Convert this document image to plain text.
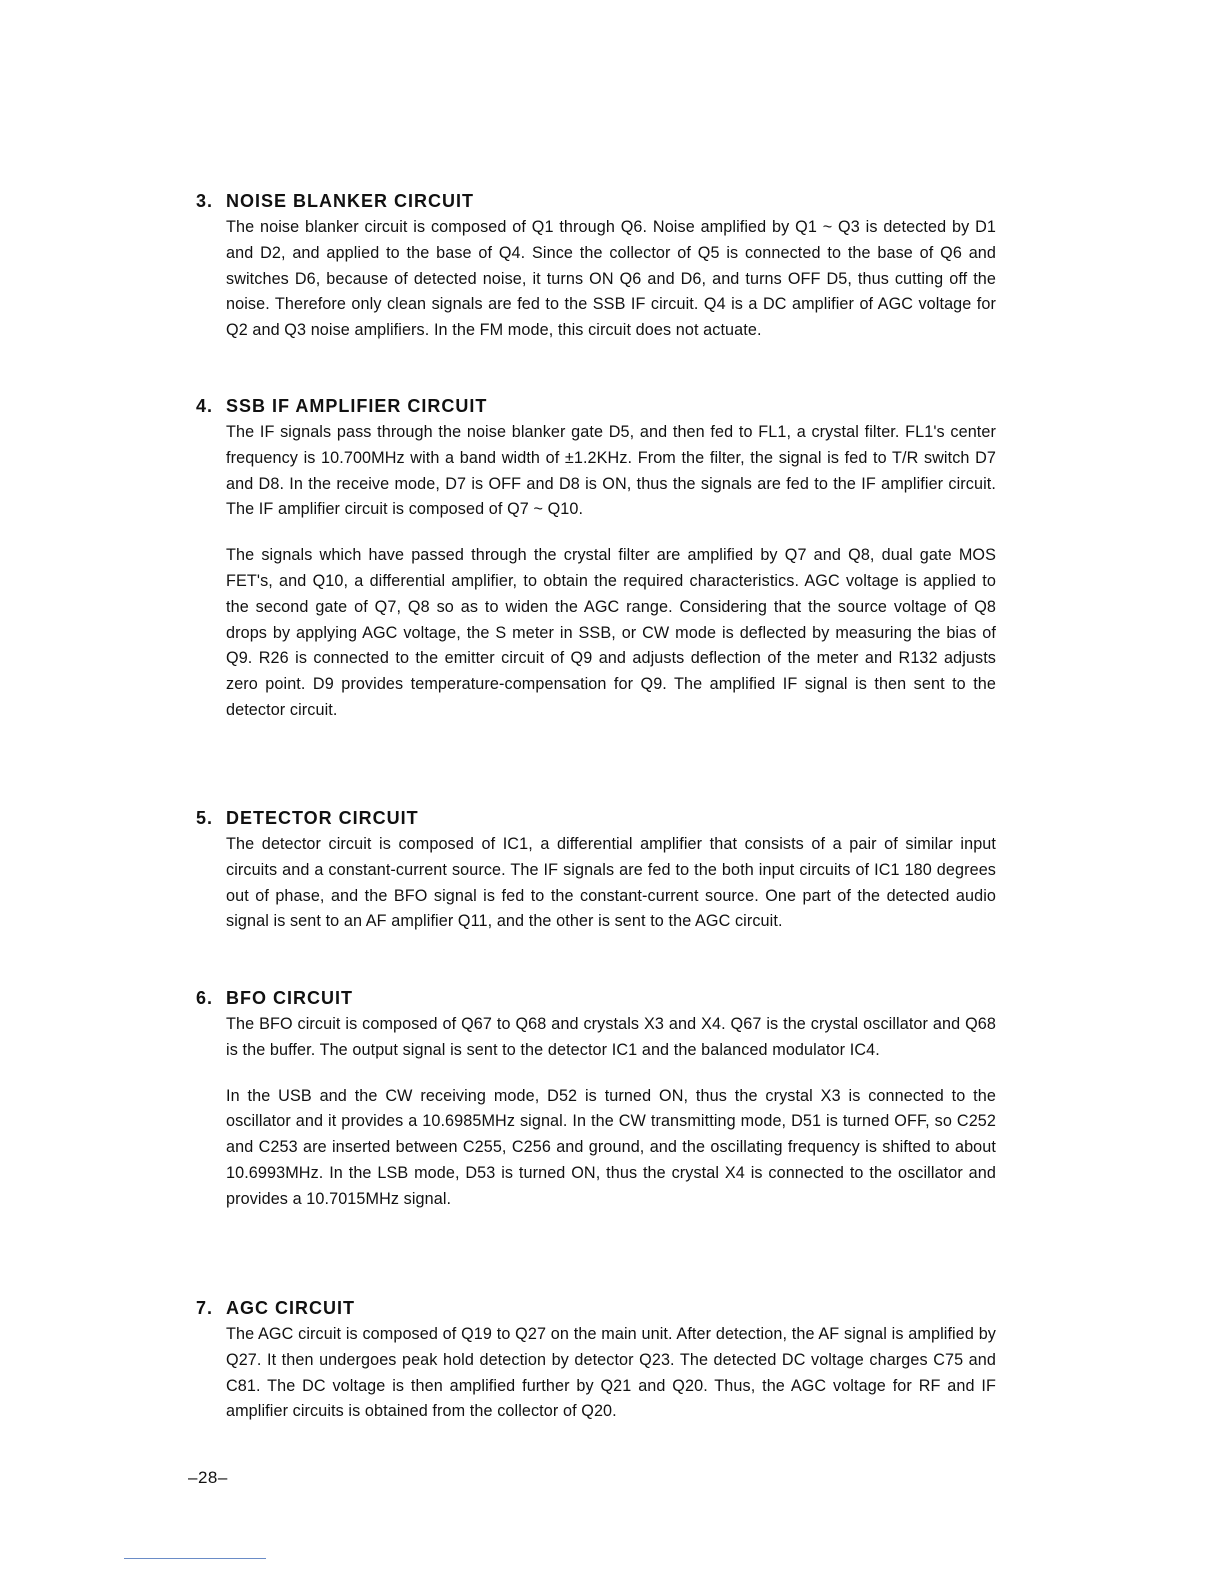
3. NOISE BLANKER CIRCUIT

The noise blanker circuit is composed of Q1 through Q6. Noise amplified by Q1 ~ Q3 is detected by D1 and D2, and applied to the base of Q4. Since the collector of Q5 is connected to the base of Q6 and switches D6, because of detected noise, it turns ON Q6 and D6, and turns OFF D5, thus cutting off the noise. Therefore only clean signals are fed to the SSB IF circuit. Q4 is a DC amplifier of AGC voltage for Q2 and Q3 noise amplifiers. In the FM mode, this circuit does not actuate.

4. SSB IF AMPLIFIER CIRCUIT

The IF signals pass through the noise blanker gate D5, and then fed to FL1, a crystal filter. FL1's center frequency is 10.700MHz with a band width of ±1.2KHz. From the filter, the signal is fed to T/R switch D7 and D8. In the receive mode, D7 is OFF and D8 is ON, thus the signals are fed to the IF amplifier circuit. The IF amplifier circuit is composed of Q7 ~ Q10.

The signals which have passed through the crystal filter are amplified by Q7 and Q8, dual gate MOS FET's, and Q10, a differential amplifier, to obtain the required characteristics. AGC voltage is applied to the second gate of Q7, Q8 so as to widen the AGC range. Considering that the source voltage of Q8 drops by applying AGC voltage, the S meter in SSB, or CW mode is deflected by measuring the bias of Q9. R26 is connected to the emitter circuit of Q9 and adjusts deflection of the meter and R132 adjusts zero point. D9 provides temperature-compensation for Q9. The amplified IF signal is then sent to the detector circuit.

5. DETECTOR CIRCUIT

The detector circuit is composed of IC1, a differential amplifier that consists of a pair of similar input circuits and a constant-current source. The IF signals are fed to the both input circuits of IC1 180 degrees out of phase, and the BFO signal is fed to the constant-current source. One part of the detected audio signal is sent to an AF amplifier Q11, and the other is sent to the AGC circuit.

6. BFO CIRCUIT

The BFO circuit is composed of Q67 to Q68 and crystals X3 and X4. Q67 is the crystal oscillator and Q68 is the buffer. The output signal is sent to the detector IC1 and the balanced modulator IC4.

In the USB and the CW receiving mode, D52 is turned ON, thus the crystal X3 is connected to the oscillator and it provides a 10.6985MHz signal. In the CW transmitting mode, D51 is turned OFF, so C252 and C253 are inserted between C255, C256 and ground, and the oscillating frequency is shifted to about 10.6993MHz. In the LSB mode, D53 is turned ON, thus the crystal X4 is connected to the oscillator and provides a 10.7015MHz signal.

7. AGC CIRCUIT

The AGC circuit is composed of Q19 to Q27 on the main unit. After detection, the AF signal is amplified by Q27. It then undergoes peak hold detection by detector Q23. The detected DC voltage charges C75 and C81. The DC voltage is then amplified further by Q21 and Q20. Thus, the AGC voltage for RF and IF amplifier circuits is obtained from the collector of Q20.

–28–
